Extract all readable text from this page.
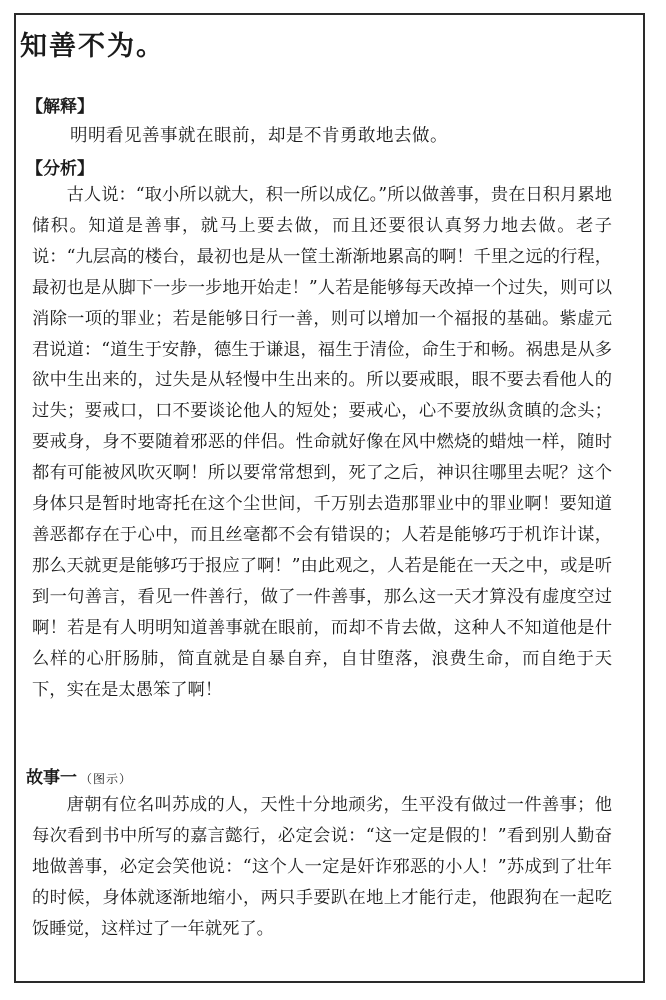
知善不为。
【解释】
明明看见善事就在眼前，却是不肯勇敢地去做。
【分析】

古人说：“取小所以就大，积一所以成亿。”所以做善事，贵在日积月累地储积。知道是善事，就马上要去做，而且还要很认真努力地去做。老子说：“九层高的楼台，最初也是从一筐土渐渐地累高的啊！千里之远的行程，最初也是从脚下一步一步地开始走！”人若是能够每天改掉一个过失，则可以消除一项的罪业；若是能够日行一善，则可以增加一个福报的基础。紫虚元君说道：“道生于安静，德生于谦退，福生于清俭，命生于和畅。祸患是从多欲中生出来的，过失是从轻慢中生出来的。所以要戒眼，眼不要去看他人的过失；要戒口，口不要谈论他人的短处；要戒心，心不要放纵贪瞋的念头；要戒身，身不要随着邪恶的伴侣。性命就好像在风中燃烧的蜡烛一样，随时都有可能被风吹灭啊！所以要常常想到，死了之后，神识往哪里去呢？这个身体只是暂时地寄托在这个尘世间，千万别去造那罪业中的罪业啊！要知道善恶都存在于心中，而且丝毫都不会有错误的；人若是能够巧于机诈计谋，那么天就更是能够巧于报应了啊！”由此观之，人若是能在一天之中，或是听到一句善言，看见一件善行，做了一件善事，那么这一天才算没有虚度空过啊！若是有人明明知道善事就在眼前，而却不肯去做，这种人不知道他是什么样的心肝肠肺，简直就是自暴自弃，自甘堕落，浪费生命，而自绝于天下，实在是太愚笨了啊！

故事一 （图示）

唐朝有位名叫苏成的人，天性十分地顽劣，生平没有做过一件善事；他每次看到书中所写的嘉言懿行，必定会说：“这一定是假的！”看到别人勤奋地做善事，必定会笑他说：“这个人一定是奸诈邪恶的小人！”苏成到了壮年的时候，身体就逐渐地缩小，两只手要趴在地上才能行走，他跟狗在一起吃饭睡觉，这样过了一年就死了。
